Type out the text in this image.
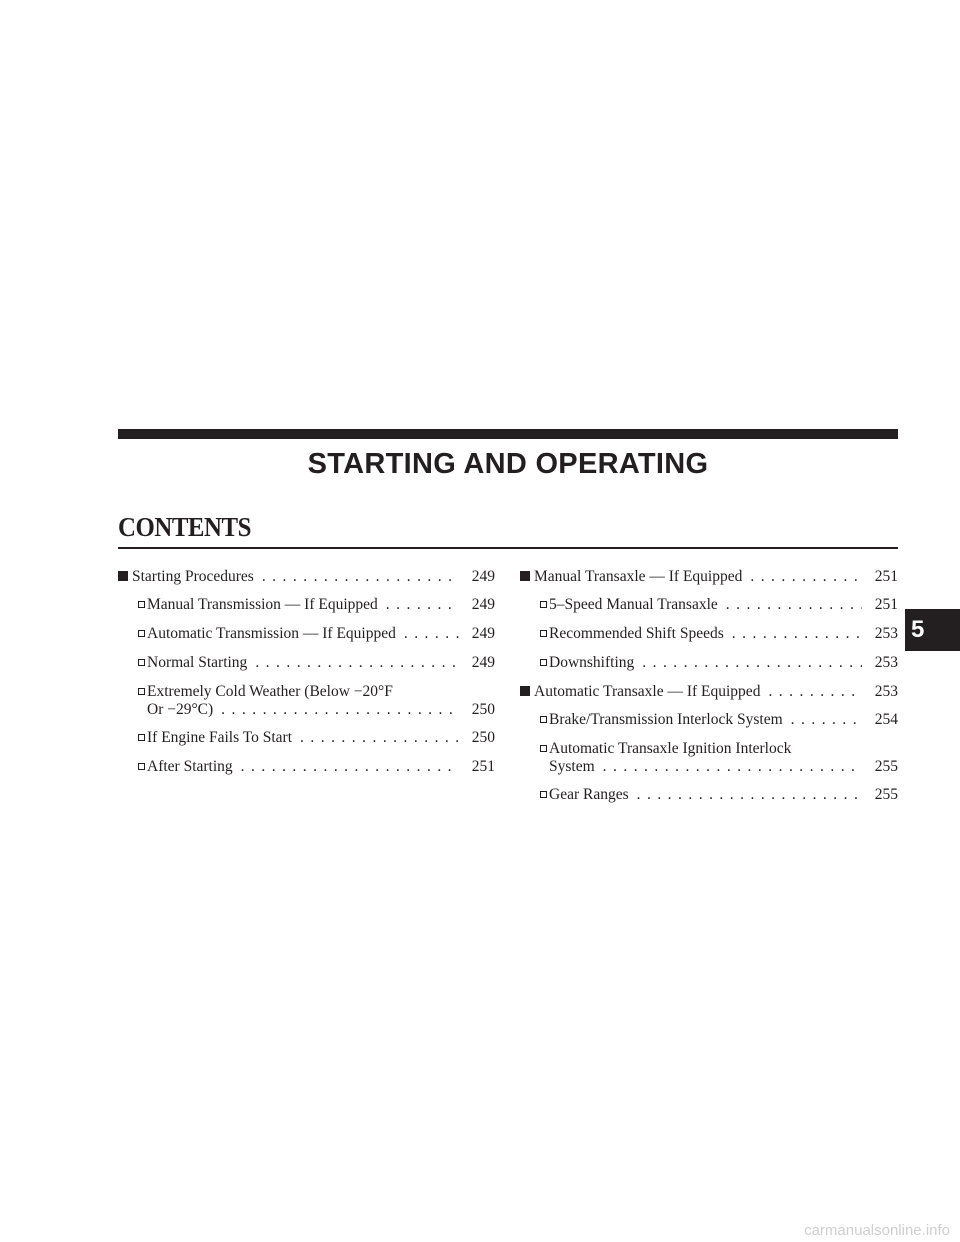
STARTING AND OPERATING
CONTENTS
Starting Procedures . . .	249
Manual Transmission — If Equipped . . .	249
Automatic Transmission — If Equipped . . .	249
Normal Starting . . .	249
Extremely Cold Weather (Below −20°F
Or −29°C) . . .	250
If Engine Fails To Start . . .	250
After Starting . . .	251
Manual Transaxle — If Equipped . . .	251
5–Speed Manual Transaxle . . .	251
Recommended Shift Speeds . . .	253
Downshifting . . .	253
Automatic Transaxle — If Equipped . . .	253
Brake/Transmission Interlock System . . .	254
Automatic Transaxle Ignition Interlock
System . . .	255
Gear Ranges . . .	255
5
carmanualsonline.info
